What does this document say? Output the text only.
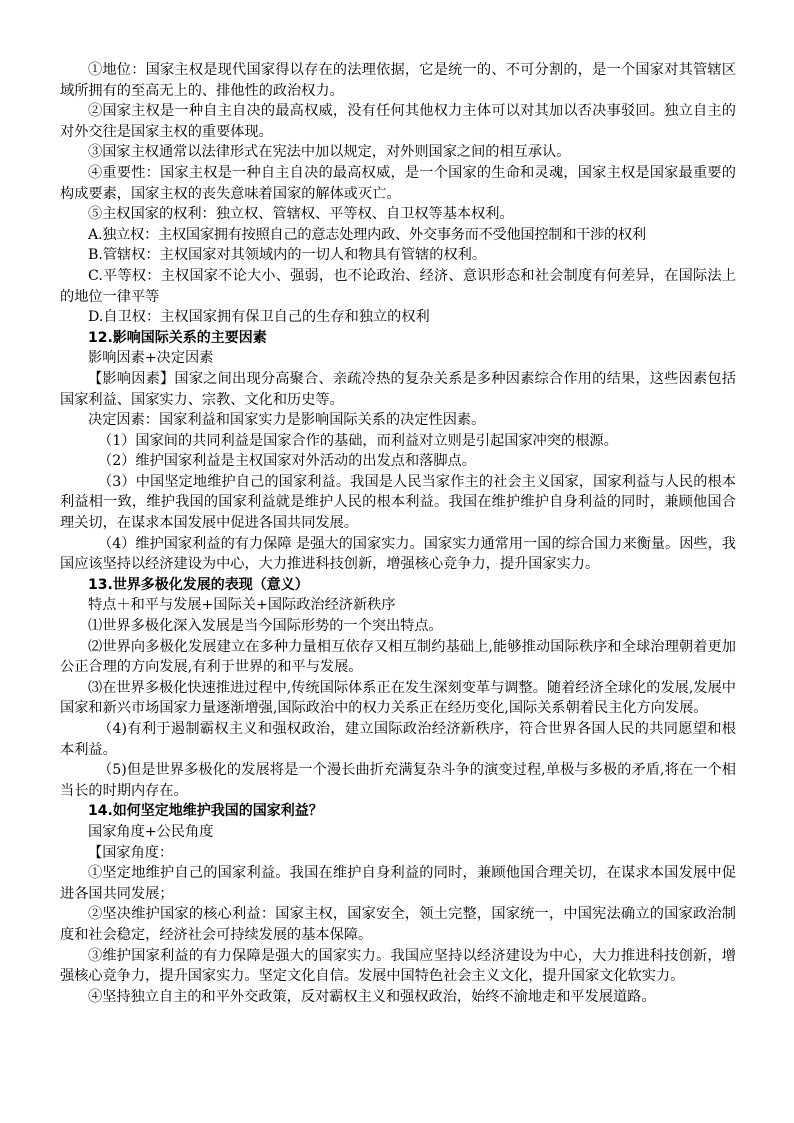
①地位：国家主权是现代国家得以存在的法理依据，它是统一的、不可分割的，是一个国家对其管辖区域所拥有的至高无上的、排他性的政治权力。

②国家主权是一种自主自决的最高权威，没有任何其他权力主体可以对其加以否决事驳回。独立自主的对外交往是国家主权的重要体现。

③国家主权通常以法律形式在宪法中加以规定，对外则国家之间的相互承认。

④重要性：国家主权是一种自主自决的最高权威，是一个国家的生命和灵魂，国家主权是国家最重要的构成要素，国家主权的丧失意味着国家的解体或灭亡。

⑤主权国家的权利：独立权、管辖权、平等权、自卫权等基本权利。

A.独立权：主权国家拥有按照自己的意志处理内政、外交事务而不受他国控制和干涉的权利

B.管辖权：主权国家对其领域内的一切人和物具有管辖的权利。

C.平等权：主权国家不论大小、强弱，也不论政治、经济、意识形态和社会制度有何差异，在国际法上的地位一律平等

D.自卫权：主权国家拥有保卫自己的生存和独立的权利

12.影响国际关系的主要因素

影响因素+决定因素

【影响因素】国家之间出现分高聚合、亲疏冷热的复杂关系是多种因素综合作用的结果，这些因素包括国家利益、国家实力、宗教、文化和历史等。

决定因素：国家利益和国家实力是影响国际关系的决定性因素。

（1）国家间的共同利益是国家合作的基础，而利益对立则是引起国家冲突的根源。

（2）维护国家利益是主权国家对外活动的出发点和落脚点。

（3）中国坚定地维护自己的国家利益。我国是人民当家作主的社会主义国家，国家利益与人民的根本利益相一致，维护我国的国家利益就是维护人民的根本利益。我国在维护维护自身利益的同时，兼顾他国合理关切，在谋求本国发展中促进各国共同发展。

（4）维护国家利益的有力保障 是强大的国家实力。国家实力通常用一国的综合国力来衡量。因些，我国应该坚持以经济建设为中心，大力推进科技创新，增强核心竞争力，提升国家实力。

13.世界多极化发展的表现（意义）

特点＋和平与发展+国际关+国际政治经济新秩序

⑴世界多极化深入发展是当今国际形势的一个突出特点。

⑵世界向多极化发展建立在多种力量相互依存又相互制约基础上,能够推动国际秩序和全球治理朝着更加公正合理的方向发展,有利于世界的和平与发展。

⑶在世界多极化快速推进过程中,传统国际体系正在发生深刻变革与调整。随着经济全球化的发展,发展中国家和新兴市场国家力量逐渐增强,国际政治中的权力关系正在经历变化,国际关系朝着民主化方向发展。

（4)有利于遏制霸权主义和强权政治，建立国际政治经济新秩序，符合世界各国人民的共同愿望和根本利益。

（5)但是世界多极化的发展将是一个漫长曲折充满复杂斗争的演变过程,单极与多极的矛盾,将在一个相当长的时期内存在。

14.如何坚定地维护我国的国家利益？

国家角度+公民角度

【国家角度：

①坚定地维护自己的国家利益。我国在维护自身利益的同时，兼顾他国合理关切，在谋求本国发展中促进各国共同发展；

②坚决维护国家的核心利益：国家主权，国家安全，领土完整，国家统一，中国宪法确立的国家政治制度和社会稳定，经济社会可持续发展的基本保障。

③维护国家利益的有力保障是强大的国家实力。我国应坚持以经济建设为中心，大力推进科技创新，增强核心竞争力，提升国家实力。坚定文化自信。发展中国特色社会主义文化，提升国家文化软实力。

④坚持独立自主的和平外交政策，反对霸权主义和强权政治，始终不渝地走和平发展道路。
